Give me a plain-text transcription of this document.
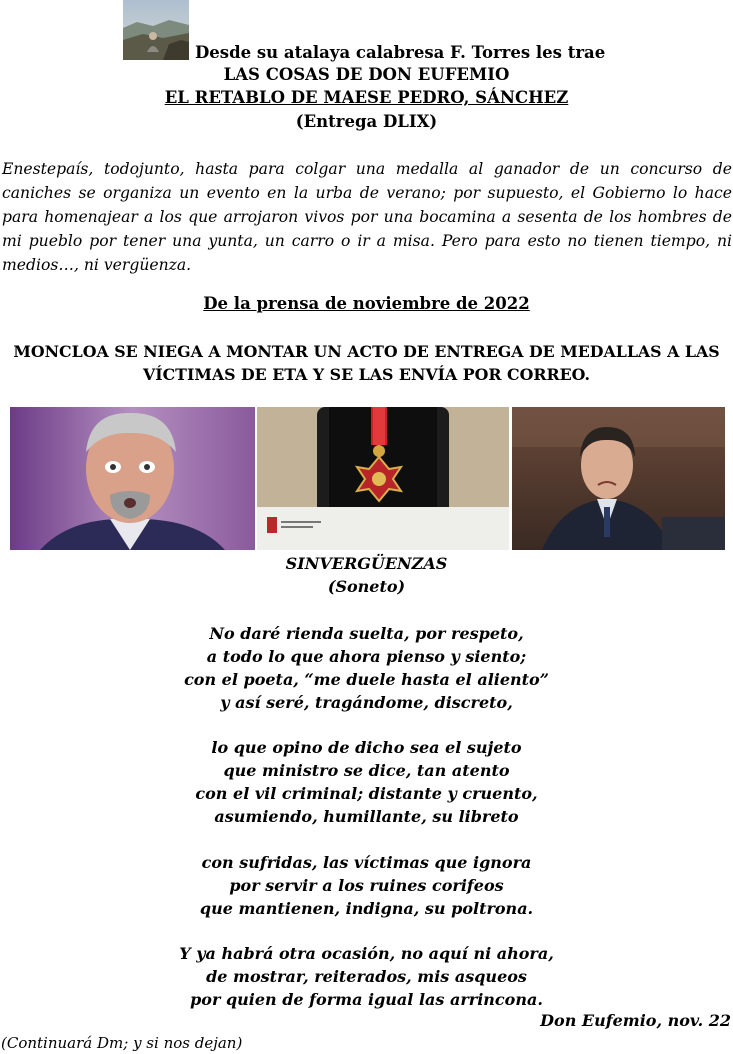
Desde su atalaya calabresa F. Torres les trae
LAS COSAS DE DON EUFEMIO
EL RETABLO DE MAESE PEDRO, SÁNCHEZ
(Entrega DLIX)
Enestepaís, todojunto, hasta para colgar una medalla al ganador de un concurso de caniches se organiza un evento en la urba de verano; por supuesto, el Gobierno lo hace para homenajear a los que arrojaron vivos por una bocamina a sesenta de los hombres de mi pueblo por tener una yunta, un carro o ir a misa. Pero para esto no tienen tiempo, ni medios…, ni vergüenza.
De la prensa de noviembre de 2022
MONCLOA SE NIEGA A MONTAR UN ACTO DE ENTREGA DE MEDALLAS A LAS
VÍCTIMAS DE ETA Y SE LAS ENVÍA POR CORREO.
SINVERGÜENZAS
(Soneto)
No daré rienda suelta, por respeto,
a todo lo que ahora pienso y siento;
con el poeta, “me duele hasta el aliento”
y así seré, tragándome, discreto,
lo que opino de dicho sea el sujeto
que ministro se dice, tan atento
con el vil criminal; distante y cruento,
asumiendo, humillante, su libreto
con sufridas, las víctimas que ignora
por servir a los ruines corifeos
que mantienen, indigna, su poltrona.
Y ya habrá otra ocasión, no aquí ni ahora,
de mostrar, reiterados, mis asqueos
por quien de forma igual las arrincona.
Don Eufemio, nov. 22
(Continuará Dm; y si nos dejan)
